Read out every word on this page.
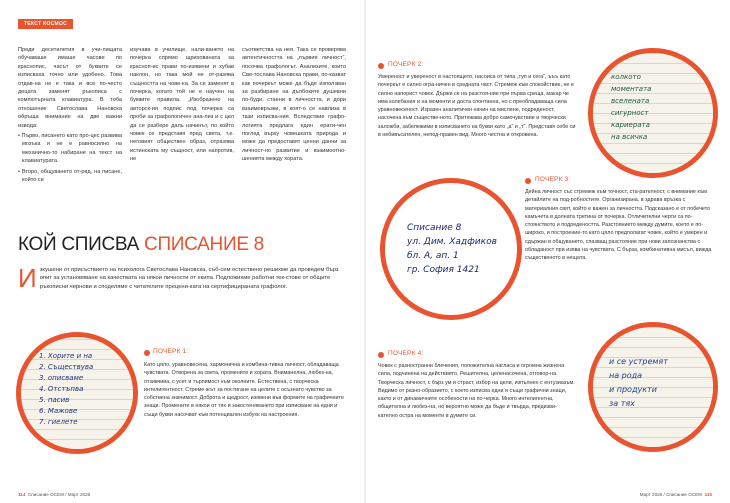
ТЕКСТ КОСМОС

Преди десетилетия в учи-лищата обучаваше имаше часове по краснопис, часът от буквите се изписваха точно или удобено. Това отдав-на не е така и все по-често децата заменят ръкописа с компютърната клавиатура. В тоба отношение Светослава Нановска обръща внимание на две важни извода:

• Първо, писането като про-цес развива мозъка и не е равносилно на механично-то набиране на текст на клавиатурата.

• Второ, общуването от-ряд, на писане, който се

изучава в училище, нали-ването на почерка спрямо щрихованата за красноп-ис прави по-изявени и хубав наклон, но така мой не от-разява същността на чове-ка. За се заменят в почерка, когато той не е научен на буквите правила. „Изобразено на авторск-ия подпис под почерка са проби за графологичен ана-лиз и с цел да се разбере даль начинът, по който човек се представя пред света, т.е. неговият обществен образ, отразява истинската му същност, или напротив, не

съответства на нея. Така се проверява автентичността на „първия личност“, посочва графологът. Анализите, които Све-тослава Нановска прави, по-казват как почеркът може да бъде използван за разбиране на дълбоките душевни по-буди, стаени в личността, и дори взаимовръзки, в коят-о се навлиза в тази изписва-ния. Вследствие графо-логията предлага един ерати-чен поглед върху човешката природа и може да предоставят ценни данни за личност-но развитие и взаимоотно-шенията между хората.

КОЙ СПИСВА СПИСАНИЕ 8
Изкушени от присъствието на психолога Светослава Нановска, съб-сем естествено решихме да проведем бърз опит за установяване на качествата на някои личности от екипа. Подложихме работни тек-стове от общите ръкописни чернови и споделяме с читателите прецени-ката на сертифицираната графолог.
1. Хорите и на
2. Съществува
3. описваме
4. Отстъпва
5. пасив
6. Мажове
7. гиелете
ПОЧЕРК 1:
Като цяло, уравновесена, хармонична и комбина-тивна личност, обладаваща чувствата. Отворена за света, промените и хората. Вниманелна, любез-на, отзивчива, с усет и търпимост към околните. Естествена, с творческа интелигентност. Стреме-жът за постигане на целите с осъзнато чувство за собствена значимост. Доброта и щедрост, изявени във формите на графичните знаци. Промените в някои от тях и закостеняването при изписване на едни и същи букви насочват към потенциален избухк на настроения.
114 Списание ОСЕМ / Март 2026
ПОЧЕРК 2:
Умереност и увереност в настоящето, насоиса от типа „туп и сега“, ъъъ като почеркът е силно огра-ничен в средната част. Стремеж към спокойствие, не е силно напорист човек. Държи се на разстоя-ние при първа среща, макар че има колебания и на моменти и доста спонтанна, но с преобладаваща сила уравновесеност. Изразен аналитичен начин на мислене, подреденост, насочена към съществе-ното. Притежава добро самочувствие и творчески заложби, забележими в изписването на букви като „а“ и „т“. Представя себе си в небивъсателен, непод-правен вид. Много честна и откровена.
колкото
моментата
вселената
сигурност
кариерата
на всичка
Списание 8
ул. Дим. Хадфиков
бл. А, ап. 1
гр. София 1421
ПОЧЕРК 3:
Дейна личност със стремеж към точност, ста-рателност, с внимание към детайлите на под-робностите. Организирана, в здрава връзка с материалния свят, който е важен за личността. Подсказано е от побечето камъчета в долната третина от почерка. Отличителни черти са по-стоянството и подредеността. Разстоянието между думите, което е по-широко, и построение-то като цяло предполагат човек, който е умерен и сдържан в общуването, спазващ разстояние при нови запознанства с обладаност при изява на чувствата. С бърза, комбинативна мисъл, вижда същественото в нещата.
ПОЧЕРК 4:
Човек с разностранни блечения, положителна нагласа и огромна жизнена сила, подчинена на действието. Решителна, целенасочена, отговор-на. Творческа личност, с бърз ум и страст, избор на цели, изпълнен с ентузиазъм. Видимо от разно-образието, с което изписва едни и същи графични знаци, както и от динамичните особености на по-черка. Много интелигентна, общителна и любез-на, но вероятно може да бъде и твърда, предизви-кателно остра на моменти в думите си.
и се устремят
на рода
и продукти
за тях
Март 2026 / Списание ОСЕМ 115
